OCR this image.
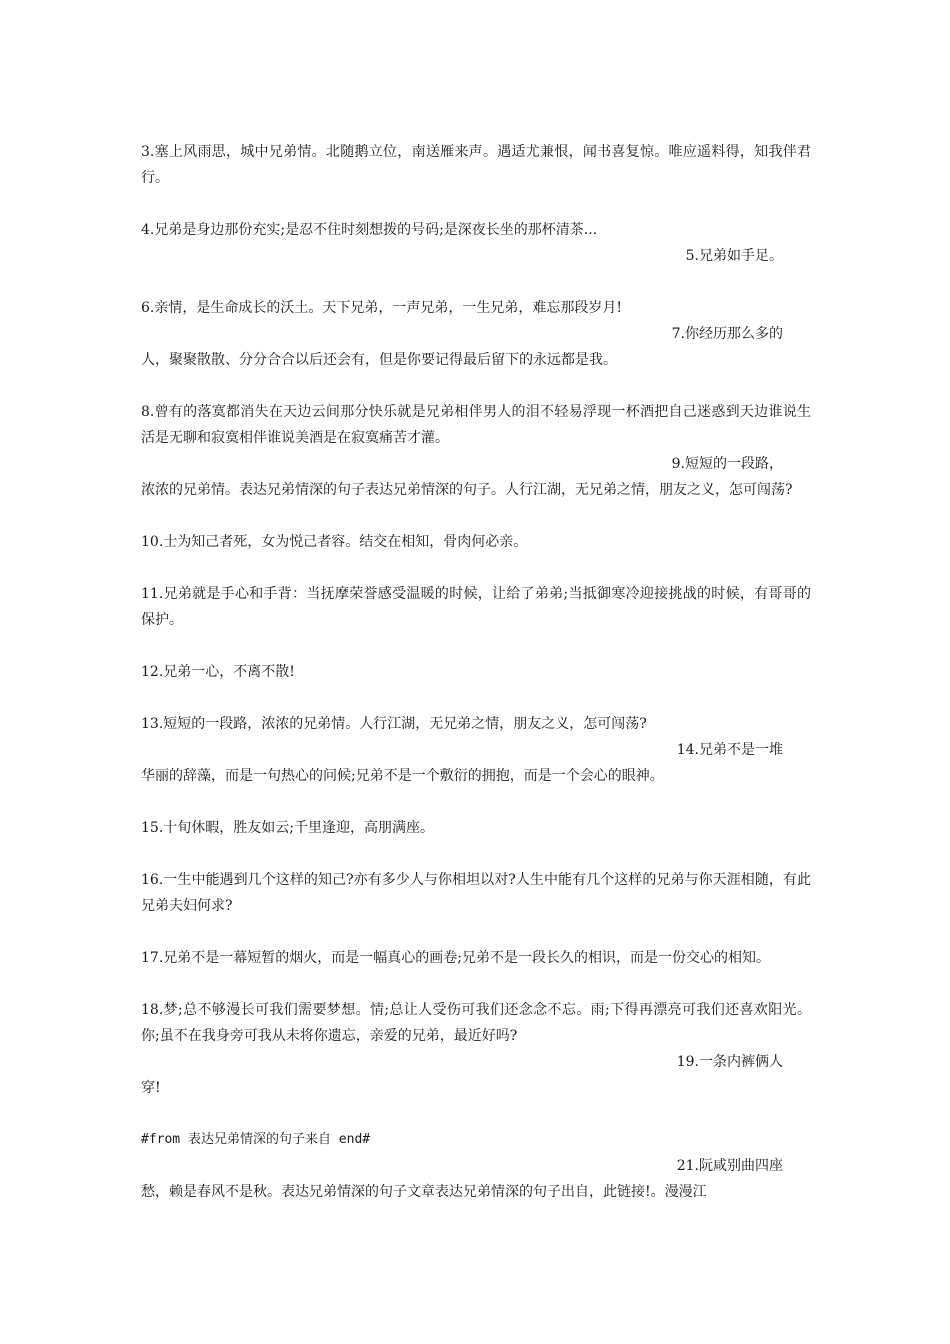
3.塞上风雨思，城中兄弟情。北随鹅立位，南送雁来声。遇适尤兼恨，闻书喜复惊。唯应遥料得，知我伴君行。

4.兄弟是身边那份充实;是忍不住时刻想拨的号码;是深夜长坐的那杯清茶...

5.兄弟如手足。

6.亲情，是生命成长的沃土。天下兄弟，一声兄弟，一生兄弟，难忘那段岁月!

7.你经历那么多的

人，聚聚散散、分分合合以后还会有，但是你要记得最后留下的永远都是我。

8.曾有的落寞都消失在天边云间那分快乐就是兄弟相伴男人的泪不轻易浮现一杯酒把自己迷惑到天边谁说生活是无聊和寂寞相伴谁说美酒是在寂寞痛苦才灌。

9.短短的一段路，

浓浓的兄弟情。表达兄弟情深的句子表达兄弟情深的句子。人行江湖，无兄弟之情，朋友之义，怎可闯荡?

10.士为知己者死，女为悦己者容。结交在相知，骨肉何必亲。

11.兄弟就是手心和手背：当抚摩荣誉感受温暖的时候，让给了弟弟;当抵御寒冷迎接挑战的时候，有哥哥的保护。

12.兄弟一心，不离不散!

13.短短的一段路，浓浓的兄弟情。人行江湖，无兄弟之情，朋友之义，怎可闯荡?

14.兄弟不是一堆

华丽的辞藻，而是一句热心的问候;兄弟不是一个敷衍的拥抱，而是一个会心的眼神。

15.十旬休暇，胜友如云;千里逢迎，高朋满座。

16.一生中能遇到几个这样的知己?亦有多少人与你相坦以对?人生中能有几个这样的兄弟与你天涯相随，有此兄弟夫妇何求?

17.兄弟不是一幕短暂的烟火，而是一幅真心的画卷;兄弟不是一段长久的相识，而是一份交心的相知。

18.梦;总不够漫长可我们需要梦想。情;总让人受伤可我们还念念不忘。雨;下得再漂亮可我们还喜欢阳光。你;虽不在我身旁可我从未将你遗忘，亲爱的兄弟，最近好吗?

19.一条内裤俩人

穿!

#from 表达兄弟情深的句子来自 end#

21.阮咸别曲四座

愁，赖是春风不是秋。表达兄弟情深的句子文章表达兄弟情深的句子出自，此链接!。漫漫江
